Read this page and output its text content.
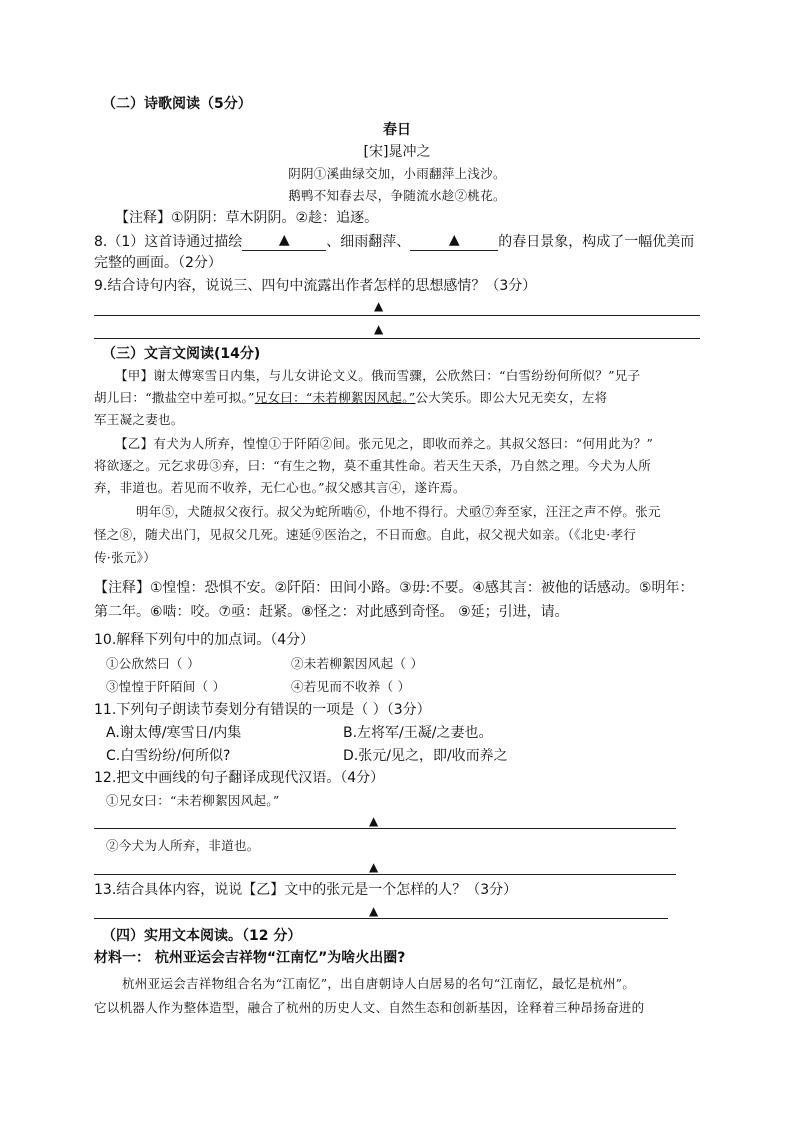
（二）诗歌阅读（5分）
春日
[宋]晁冲之
阴阴①溪曲绿交加，小雨翻萍上浅沙。
鹅鸭不知春去尽，争随流水趁②桃花。
【注释】①阴阴：草木阴阴。②趁：追逐。
8.（1）这首诗通过描绘	▲	、细雨翻萍、	▲	的春日景象，构成了一幅优美而
完整的画面。（2分）
9.结合诗句内容，说说三、四句中流露出作者怎样的思想感情？（3分）
▲
▲
（三）文言文阅读(14分)
【甲】谢太傅寒雪日内集，与儿女讲论文义。俄而雪骤，公欣然曰：“白雪纷纷何所似？”兄子
胡儿曰：“撒盐空中差可拟。”兄女曰：“未若柳絮因风起。”公大笑乐。即公大兄无奕女，左将
军王凝之妻也。
【乙】有犬为人所弃，惶惶①于阡陌②间。张元见之，即收而养之。其叔父怒曰：“何用此为？”
将欲逐之。元乞求毋③弃，曰：“有生之物，莫不重其性命。若天生天杀，乃自然之理。今犬为人所
弃，非道也。若见而不收养，无仁心也。”叔父感其言④，遂许焉。
明年⑤，犬随叔父夜行。叔父为蛇所啮⑥，仆地不得行。犬亟⑦奔至家，汪汪之声不停。张元
怪之⑧，随犬出门，见叔父几死。速延⑨医治之，不日而愈。自此，叔父视犬如亲。（《北史·孝行
传·张元》）
【注释】①惶惶：恐惧不安。②阡陌：田间小路。③毋:不要。④感其言：被他的话感动。⑤明年：
第二年。⑥啮：咬。⑦亟：赶紧。⑧怪之：对此感到奇怪。 ⑨延；引进，请。
10.解释下列句中的加点词。（4分）
①公欣然曰（ ）	②未若柳絮因风起（ ）
③惶惶于阡陌间（ ）	④若见而不收养（ ）
11.下列句子朗读节奏划分有错误的一项是（ ）（3分）
A.谢太傅/寒雪日/内集	B.左将军/王凝/之妻也。
C.白雪纷纷/何所似?	D.张元/见之，即/收而养之
12.把文中画线的句子翻译成现代汉语。（4分）
①兄女曰：“未若柳絮因风起。”
▲
②今犬为人所弃，非道也。
▲
13.结合具体内容，说说【乙】文中的张元是一个怎样的人？（3分）
▲
（四）实用文本阅读。（12 分）
材料一： 杭州亚运会吉祥物“江南忆”为啥火出圈?
杭州亚运会吉祥物组合名为“江南忆”，出自唐朝诗人白居易的名句“江南忆，最忆是杭州”。
它以机器人作为整体造型，融合了杭州的历史人文、自然生态和创新基因，诠释着三种昂扬奋进的
